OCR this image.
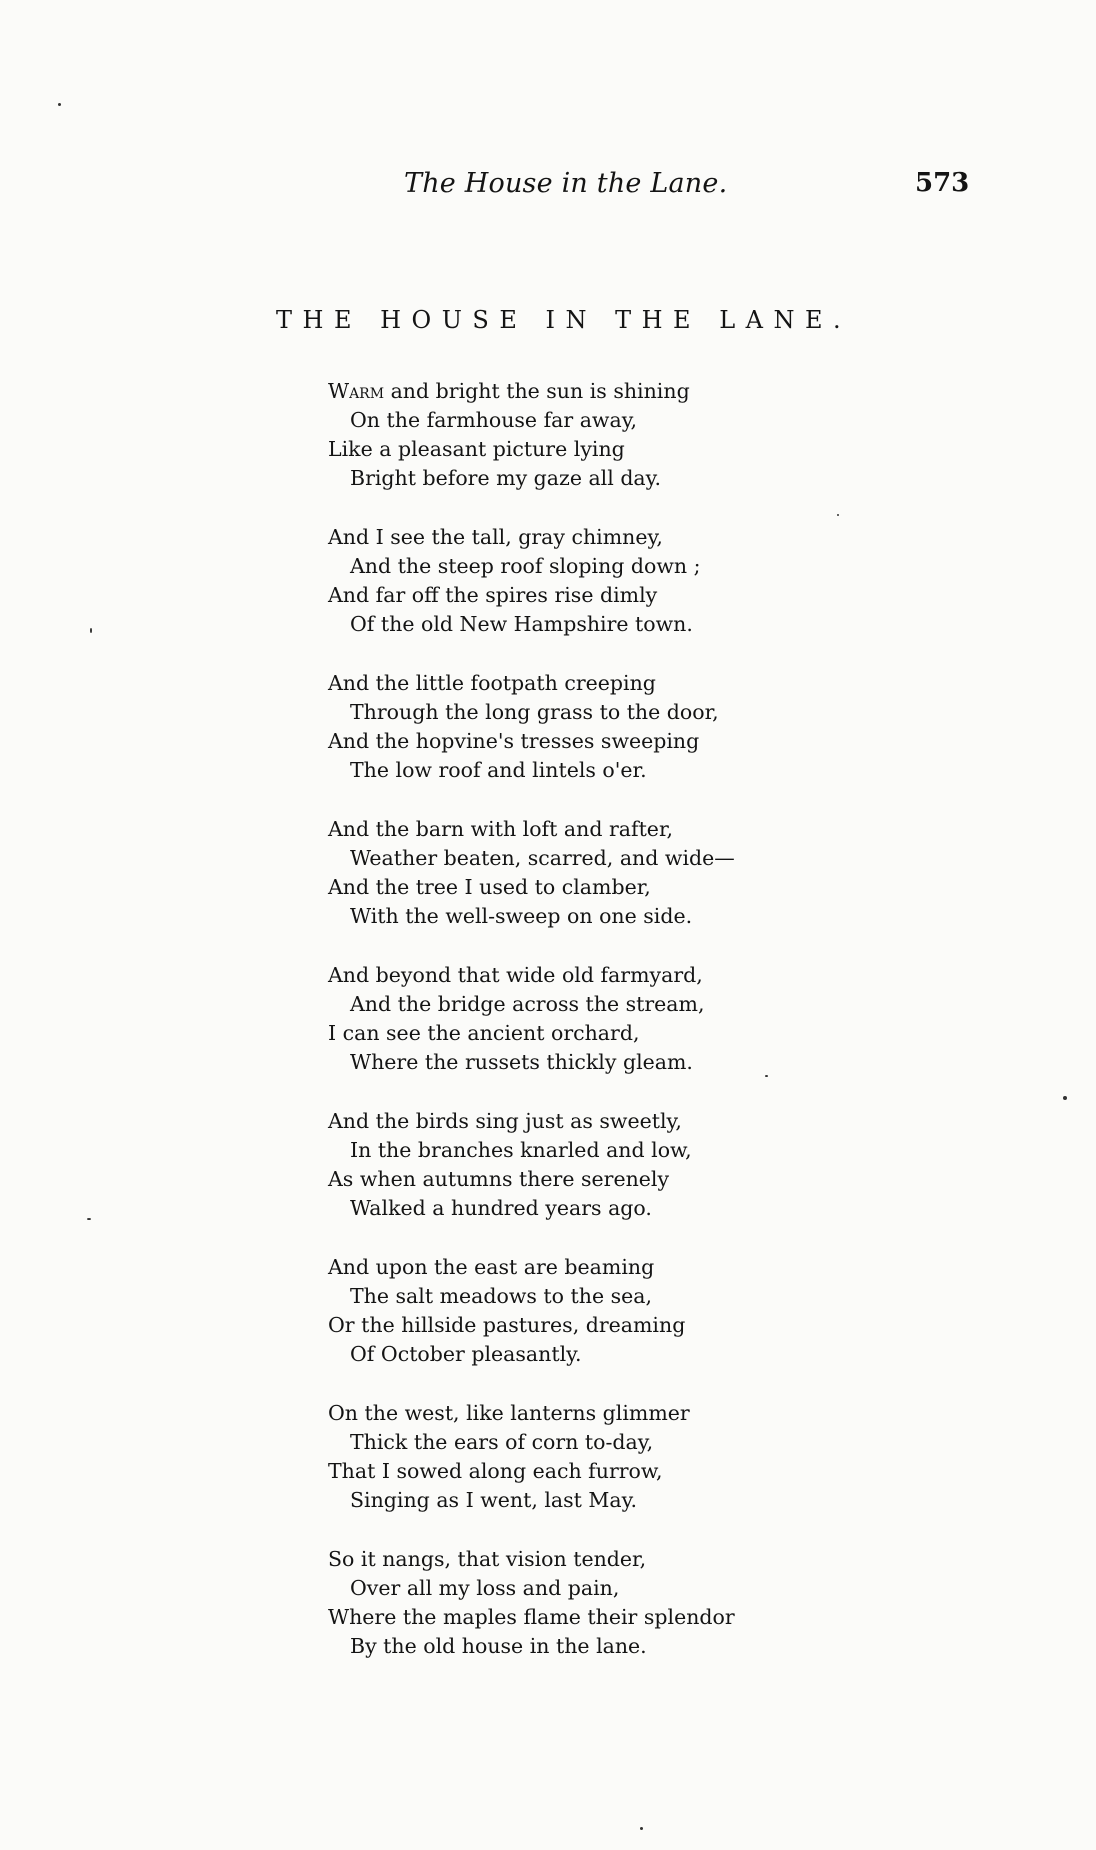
The House in the Lane.	573
THE HOUSE IN THE LANE.
Warm and bright the sun is shining
On the farmhouse far away,
Like a pleasant picture lying
Bright before my gaze all day.
And I see the tall, gray chimney,
And the steep roof sloping down ;
And far off the spires rise dimly
Of the old New Hampshire town.
And the little footpath creeping
Through the long grass to the door,
And the hopvine's tresses sweeping
The low roof and lintels o'er.
And the barn with loft and rafter,
Weather beaten, scarred, and wide—
And the tree I used to clamber,
With the well-sweep on one side.
And beyond that wide old farmyard,
And the bridge across the stream,
I can see the ancient orchard,
Where the russets thickly gleam.
And the birds sing just as sweetly,
In the branches knarled and low,
As when autumns there serenely
Walked a hundred years ago.
And upon the east are beaming
The salt meadows to the sea,
Or the hillside pastures, dreaming
Of October pleasantly.
On the west, like lanterns glimmer
Thick the ears of corn to-day,
That I sowed along each furrow,
Singing as I went, last May.
So it nangs, that vision tender,
Over all my loss and pain,
Where the maples flame their splendor
By the old house in the lane.
